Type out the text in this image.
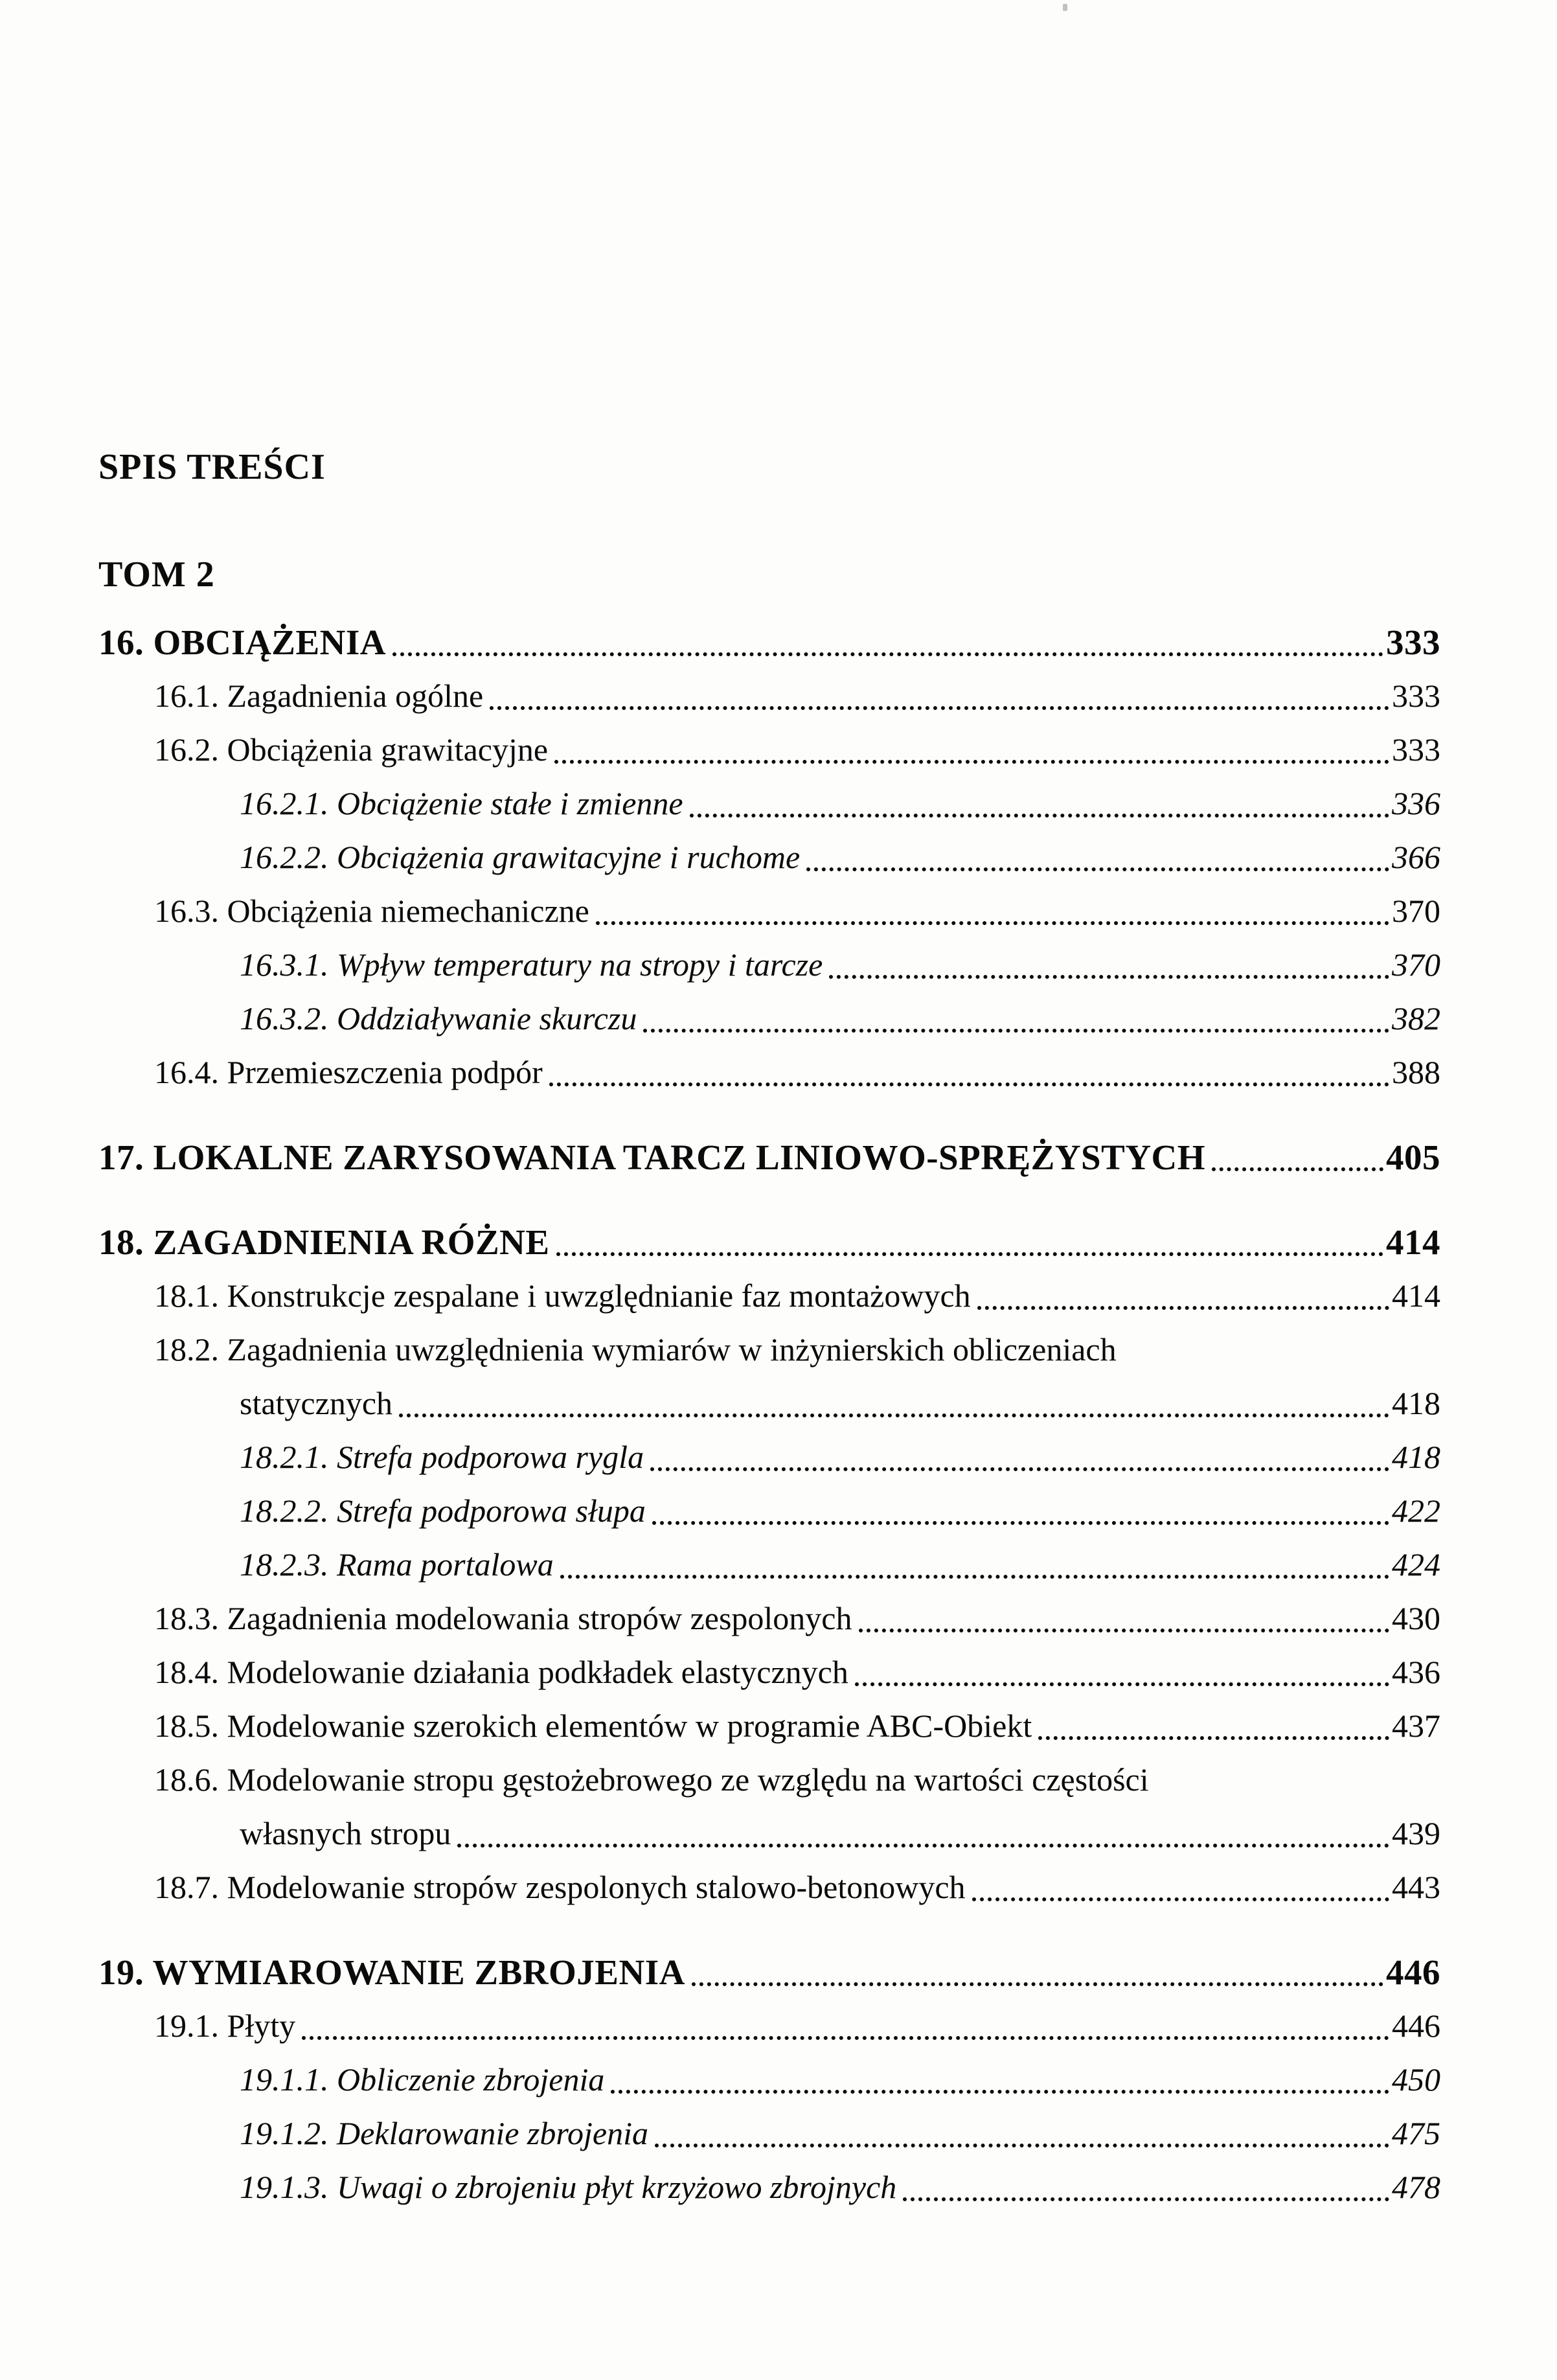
SPIS TREŚCI
TOM 2
16. OBCIĄŻENIA	333
16.1. Zagadnienia ogólne	333
16.2. Obciążenia grawitacyjne	333
16.2.1. Obciążenie stałe i zmienne	336
16.2.2. Obciążenia grawitacyjne i ruchome	366
16.3. Obciążenia niemechaniczne	370
16.3.1. Wpływ temperatury na stropy i tarcze	370
16.3.2. Oddziaływanie skurczu	382
16.4. Przemieszczenia podpór	388
17. LOKALNE ZARYSOWANIA TARCZ LINIOWO-SPRĘŻYSTYCH	405
18. ZAGADNIENIA RÓŻNE	414
18.1. Konstrukcje zespalane i uwzględnianie faz montażowych	414
18.2. Zagadnienia uwzględnienia wymiarów w inżynierskich obliczeniach
statycznych	418
18.2.1. Strefa podporowa rygla	418
18.2.2. Strefa podporowa słupa	422
18.2.3. Rama portalowa	424
18.3. Zagadnienia modelowania stropów zespolonych	430
18.4. Modelowanie działania podkładek elastycznych	436
18.5. Modelowanie szerokich elementów w programie ABC-Obiekt	437
18.6. Modelowanie stropu gęstożebrowego ze względu na wartości częstości
własnych stropu	439
18.7. Modelowanie stropów zespolonych stalowo-betonowych	443
19. WYMIAROWANIE ZBROJENIA	446
19.1. Płyty	446
19.1.1. Obliczenie zbrojenia	450
19.1.2. Deklarowanie zbrojenia	475
19.1.3. Uwagi o zbrojeniu płyt krzyżowo zbrojnych	478
